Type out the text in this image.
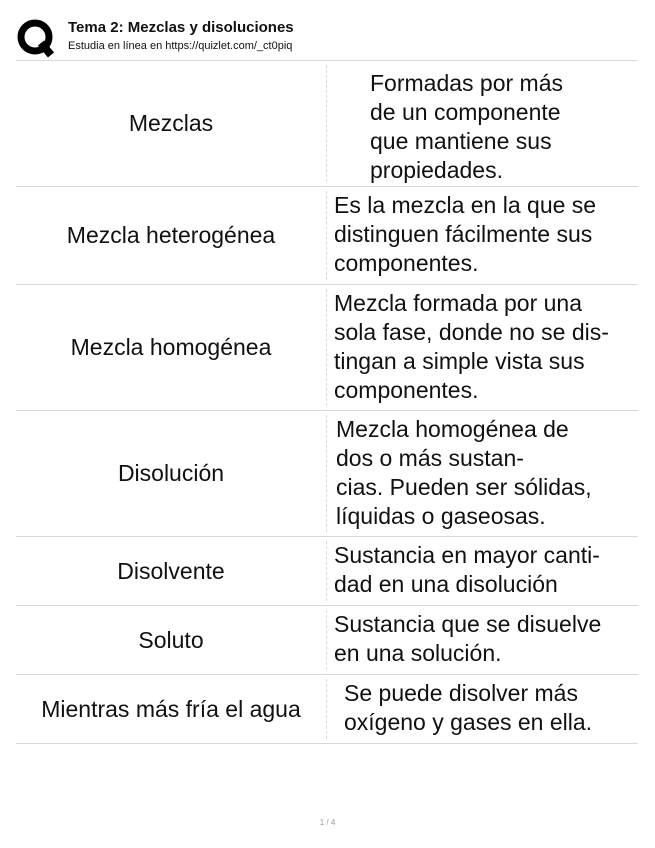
Tema 2: Mezclas y disoluciones
Estudia en línea en https://quizlet.com/_ct0piq
Mezclas
Formadas por más
de un componente
que mantiene sus
propiedades.
Mezcla heterogénea
Es la mezcla en la que se
distinguen fácilmente sus
componentes.
Mezcla homogénea
Mezcla formada por una
sola fase, donde no se dis-
tingan a simple vista sus
componentes.
Disolución
Mezcla homogénea de
dos o más sustan-
cias. Pueden ser sólidas,
líquidas o gaseosas.
Disolvente
Sustancia en mayor canti-
dad en una disolución
Soluto
Sustancia que se disuelve
en una solución.
Mientras más fría el agua
Se puede disolver más
oxígeno y gases en ella.
1 / 4
